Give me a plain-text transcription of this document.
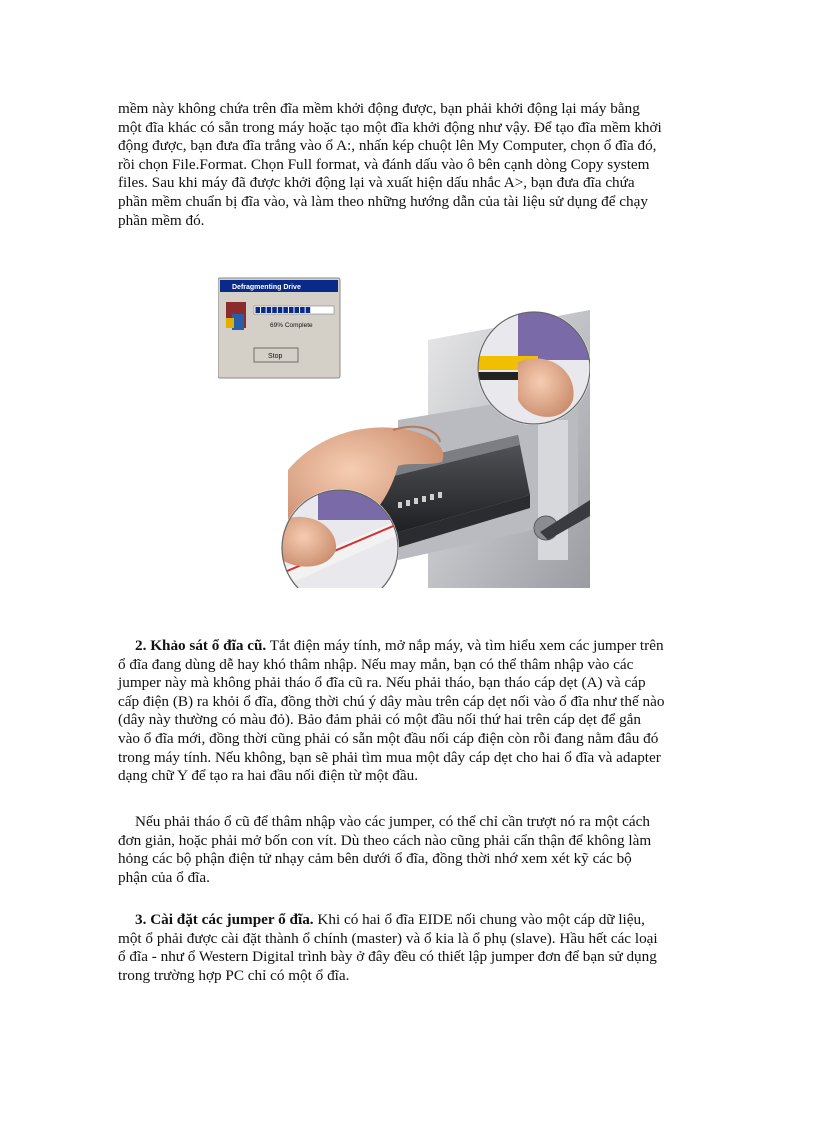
mềm này không chứa trên đĩa mềm khởi động được, bạn phải khởi động lại máy bằng
một đĩa khác có sẵn trong máy hoặc tạo một đĩa khởi động như vậy. Để tạo đĩa mềm khởi
động được, bạn đưa đĩa trắng vào ổ A:, nhấn kép chuột lên My Computer, chọn ổ đĩa đó,
rồi chọn File.Format. Chọn Full format, và đánh dấu vào ô bên cạnh dòng Copy system
files. Sau khi máy đã được khởi động lại và xuất hiện dấu nhắc A>, bạn đưa đĩa chứa
phần mềm chuẩn bị đĩa vào, và làm theo những hướng dẫn của tài liệu sử dụng để chạy
phần mềm đó.
Defragmenting Drive
69% Complete
Stop
2. Khảo sát ổ đĩa cũ. Tắt điện máy tính, mở nắp máy, và tìm hiểu xem các jumper trên
ổ đĩa đang dùng dễ hay khó thâm nhập. Nếu may mắn, bạn có thể thâm nhập vào các
jumper này mà không phải tháo ổ đĩa cũ ra. Nếu phải tháo, bạn tháo cáp dẹt (A) và cáp
cấp điện (B) ra khỏi ổ đĩa, đồng thời chú ý dây màu trên cáp dẹt nối vào ổ đĩa như thế nào
(dây này thường có màu đỏ). Bảo đảm phải có một đầu nối thứ hai trên cáp dẹt để gắn
vào ổ đĩa mới, đồng thời cũng phải có sẵn một đầu nối cáp điện còn rỗi đang nằm đâu đó
trong máy tính. Nếu không, bạn sẽ phải tìm mua một dây cáp dẹt cho hai ổ đĩa và adapter
dạng chữ Y để tạo ra hai đầu nối điện từ một đầu.
Nếu phải tháo ổ cũ để thâm nhập vào các jumper, có thể chỉ cần trượt nó ra một cách
đơn giản, hoặc phải mở bốn con vít. Dù theo cách nào cũng phải cẩn thận để không làm
hỏng các bộ phận điện tử nhạy cảm bên dưới ổ đĩa, đồng thời nhớ xem xét kỹ các bộ
phận của ổ đĩa.
3. Cài đặt các jumper ổ đĩa. Khi có hai ổ đĩa EIDE nối chung vào một cáp dữ liệu,
một ổ phải được cài đặt thành ổ chính (master) và ổ kia là ổ phụ (slave). Hầu hết các loại
ổ đĩa - như ổ Western Digital trình bày ở đây đều có thiết lập jumper đơn để bạn sử dụng
trong trường hợp PC chỉ có một ổ đĩa.
